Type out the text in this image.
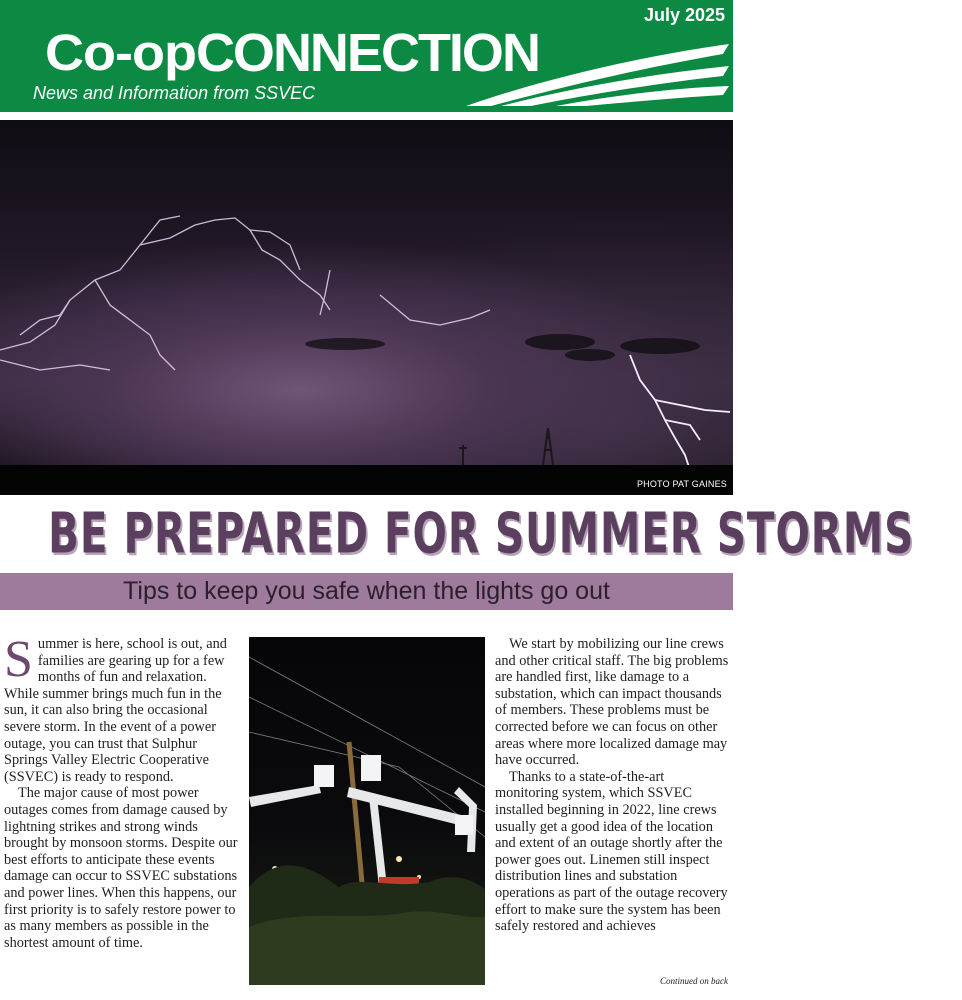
July 2025
Co-opCONNECTION
News and Information from SSVEC
PHOTO PAT GAINES
BE PREPARED FOR SUMMER STORMS
Tips to keep you safe when the lights go out

Summer is here, school is out, and families are gearing up for a few months of fun and relaxation. While summer brings much fun in the sun, it can also bring the occasional severe storm. In the event of a power outage, you can trust that Sulphur Springs Valley Electric Cooperative (SSVEC) is ready to respond.

The major cause of most power outages comes from damage caused by lightning strikes and strong winds brought by monsoon storms. Despite our best efforts to anticipate these events damage can occur to SSVEC substations and power lines. When this happens, our first priority is to safely restore power to as many members as possible in the shortest amount of time.

We start by mobilizing our line crews and other critical staff. The big problems are handled first, like damage to a substation, which can impact thousands of members. These problems must be corrected before we can focus on other areas where more localized damage may have occurred.

Thanks to a state-of-the-art monitoring system, which SSVEC installed beginning in 2022, line crews usually get a good idea of the location and extent of an outage shortly after the power goes out. Linemen still inspect distribution lines and substation operations as part of the outage recovery effort to make sure the system has been safely restored and achieves

Continued on back
